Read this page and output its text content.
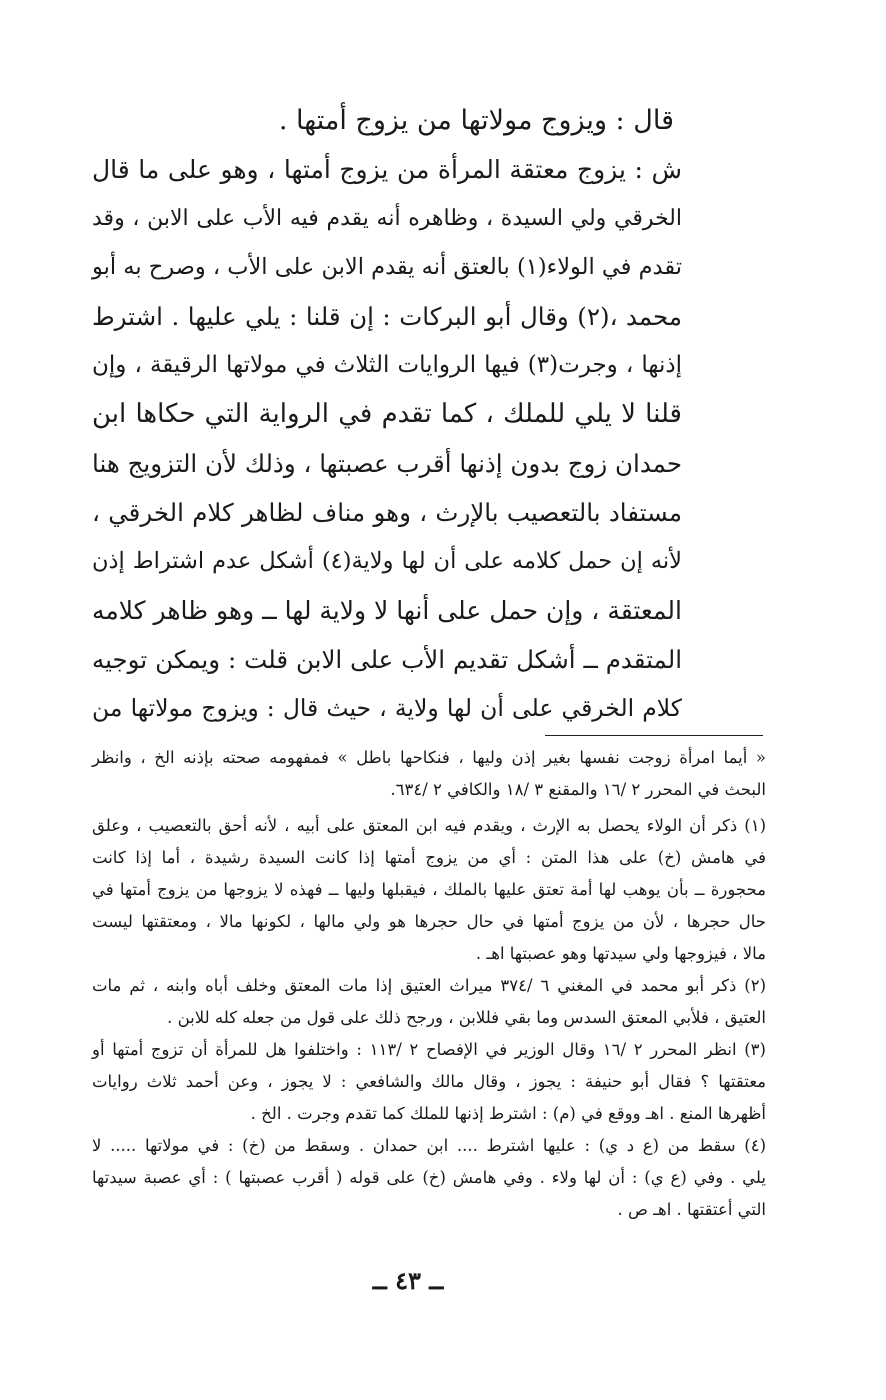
قال : ويزوج مولاتها من يزوج أمتها .
ش : يزوج معتقة المرأة من يزوج أمتها ، وهو على ما قال
الخرقي ولي السيدة ، وظاهره أنه يقدم فيه الأب على الابن ، وقد
تقدم في الولاء(١) بالعتق أنه يقدم الابن على الأب ، وصرح به أبو
محمد ،(٢) وقال أبو البركات : إن قلنا : يلي عليها . اشترط
إذنها ، وجرت(٣) فيها الروايات الثلاث في مولاتها الرقيقة ، وإن
قلنا لا يلي للملك ، كما تقدم في الرواية التي حكاها ابن
حمدان زوج بدون إذنها أقرب عصبتها ، وذلك لأن التزويج هنا
مستفاد بالتعصيب بالإرث ، وهو مناف لظاهر كلام الخرقي ،
لأنه إن حمل كلامه على أن لها ولاية(٤) أشكل عدم اشتراط إذن
المعتقة ، وإن حمل على أنها لا ولاية لها ــ وهو ظاهر كلامه
المتقدم ــ أشكل تقديم الأب على الابن قلت : ويمكن توجيه
كلام الخرقي على أن لها ولاية ، حيث قال : ويزوج مولاتها من
« أيما امرأة زوجت نفسها بغير إذن وليها ، فنكاحها باطل » فمفهومه صحته بإذنه الخ ، وانظر
البحث في المحرر ٢ /١٦ والمقنع ٣ /١٨ والكافي ٢ /٦٣٤.
(١) ذكر أن الولاء يحصل به الإرث ، ويقدم فيه ابن المعتق على أبيه ، لأنه أحق بالتعصيب ، وعلق
في هامش (خ) على هذا المتن : أي من يزوج أمتها إذا كانت السيدة رشيدة ، أما إذا كانت
محجورة ــ بأن يوهب لها أمة تعتق عليها بالملك ، فيقبلها وليها ــ فهذه لا يزوجها من يزوج أمتها في
حال حجرها ، لأن من يزوج أمتها في حال حجرها هو ولي مالها ، لكونها مالا ، ومعتقتها ليست
مالا ، فيزوجها ولي سيدتها وهو عصبتها اهـ .
(٢) ذكر أبو محمد في المغني ٦ /٣٧٤ ميراث العتيق إذا مات المعتق وخلف أباه وابنه ، ثم مات
العتيق ، فلأبي المعتق السدس وما بقي فللابن ، ورجح ذلك على قول من جعله كله للابن .
(٣) انظر المحرر ٢ /١٦ وقال الوزير في الإفصاح ٢ /١١٣ : واختلفوا هل للمرأة أن تزوج أمتها أو
معتقتها ؟ فقال أبو حنيفة : يجوز ، وقال مالك والشافعي : لا يجوز ، وعن أحمد ثلاث روايات
أظهرها المنع . اهـ ووقع في (م) : اشترط إذنها للملك كما تقدم وجرت . الخ .
(٤) سقط من (ع د ي) : عليها اشترط .... ابن حمدان . وسقط من (خ) : في مولاتها ..... لا
يلي . وفي (ع ي) : أن لها ولاء . وفي هامش (خ) على قوله ( أقرب عصبتها ) : أي عصبة سيدتها
التي أعتقتها . اهـ ص .
ــ ٤٣ ــ
